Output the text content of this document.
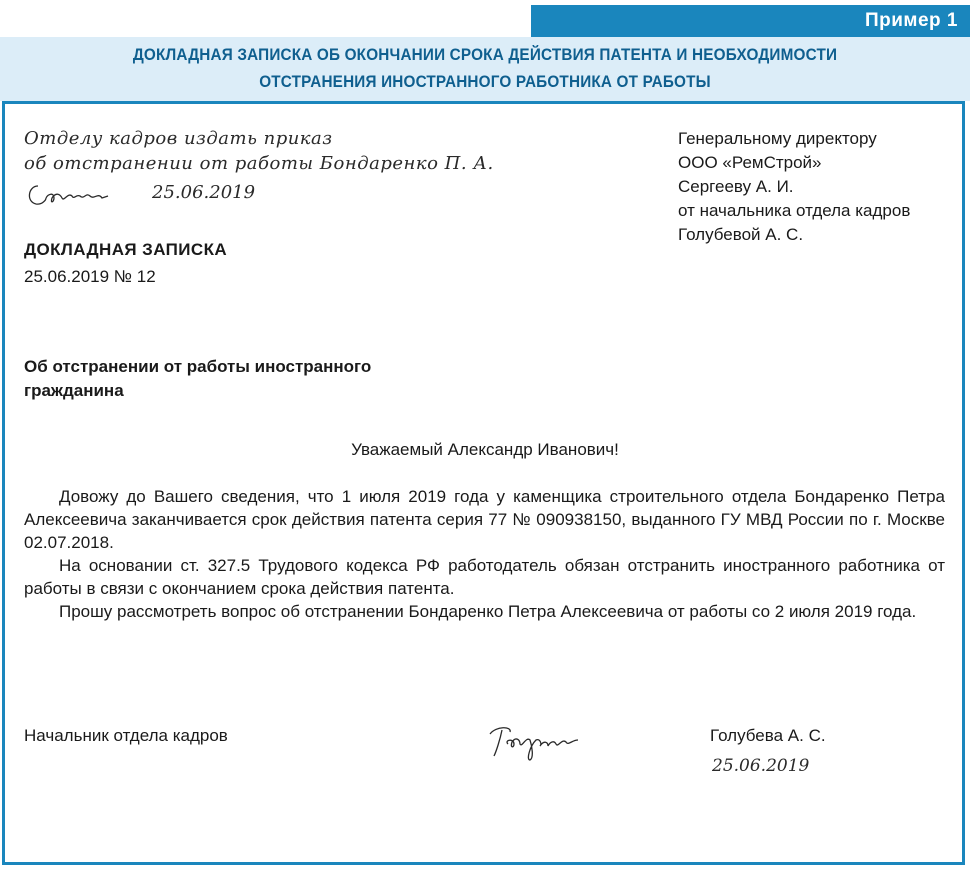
Пример 1
ДОКЛАДНАЯ ЗАПИСКА ОБ ОКОНЧАНИИ СРОКА ДЕЙСТВИЯ ПАТЕНТА И НЕОБХОДИМОСТИ
ОТСТРАНЕНИЯ ИНОСТРАННОГО РАБОТНИКА ОТ РАБОТЫ
Отделу кадров издать приказ
об отстранении от работы Бондаренко П. А.
25.06.2019
Генеральному директору
ООО «РемСтрой»
Сергееву А. И.
от начальника отдела кадров
Голубевой А. С.
ДОКЛАДНАЯ ЗАПИСКА
25.06.2019 № 12
Об отстранении от работы иностранного
гражданина
Уважаемый Александр Иванович!
Довожу до Вашего сведения, что 1 июля 2019 года у каменщика строительного отдела Бондаренко Петра Алексеевича заканчивается срок действия патента серия 77 № 090938150, выданного ГУ МВД России по г. Москве 02.07.2018.
На основании ст. 327.5 Трудового кодекса РФ работодатель обязан отстранить иностранного работника от работы в связи с окончанием срока действия патента.
Прошу рассмотреть вопрос об отстранении Бондаренко Петра Алексеевича от работы со 2 июля 2019 года.
Начальник отдела кадров	Голубева А. С.
25.06.2019
